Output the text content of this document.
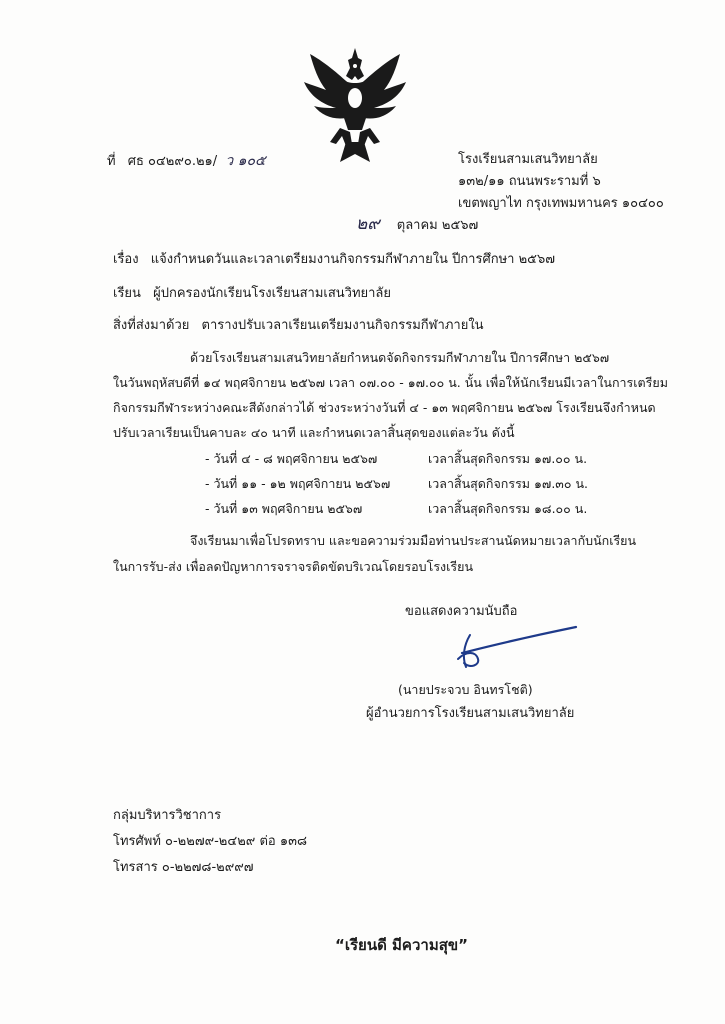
ที่ ศธ ๐๔๒๙๐.๒๑/ ว ๑๐๕	โรงเรียนสามเสนวิทยาลัย
๑๓๒/๑๑ ถนนพระรามที่ ๖
เขตพญาไท กรุงเทพมหานคร ๑๐๔๐๐
๒๙ ตุลาคม ๒๕๖๗
เรื่อง แจ้งกำหนดวันและเวลาเตรียมงานกิจกรรมกีฬาภายใน ปีการศึกษา ๒๕๖๗
เรียน ผู้ปกครองนักเรียนโรงเรียนสามเสนวิทยาลัย
สิ่งที่ส่งมาด้วย ตารางปรับเวลาเรียนเตรียมงานกิจกรรมกีฬาภายใน
ด้วยโรงเรียนสามเสนวิทยาลัยกำหนดจัดกิจกรรมกีฬาภายใน ปีการศึกษา ๒๕๖๗
ในวันพฤหัสบดีที่ ๑๔ พฤศจิกายน ๒๕๖๗ เวลา ๐๗.๐๐ - ๑๗.๐๐ น. นั้น เพื่อให้นักเรียนมีเวลาในการเตรียม
กิจกรรมกีฬาระหว่างคณะสีดังกล่าวได้ ช่วงระหว่างวันที่ ๔ - ๑๓ พฤศจิกายน ๒๕๖๗ โรงเรียนจึงกำหนด
ปรับเวลาเรียนเป็นคาบละ ๔๐ นาที และกำหนดเวลาสิ้นสุดของแต่ละวัน ดังนี้
- วันที่ ๔ - ๘ พฤศจิกายน ๒๕๖๗	เวลาสิ้นสุดกิจกรรม ๑๗.๐๐ น.
- วันที่ ๑๑ - ๑๒ พฤศจิกายน ๒๕๖๗	เวลาสิ้นสุดกิจกรรม ๑๗.๓๐ น.
- วันที่ ๑๓ พฤศจิกายน ๒๕๖๗	เวลาสิ้นสุดกิจกรรม ๑๘.๐๐ น.
จึงเรียนมาเพื่อโปรดทราบ และขอความร่วมมือท่านประสานนัดหมายเวลากับนักเรียน
ในการรับ-ส่ง เพื่อลดปัญหาการจราจรติดขัดบริเวณโดยรอบโรงเรียน
ขอแสดงความนับถือ
(นายประจวบ อินทรโชติ)
ผู้อำนวยการโรงเรียนสามเสนวิทยาลัย
กลุ่มบริหารวิชาการ
โทรศัพท์ ๐-๒๒๗๙-๒๔๒๙ ต่อ ๑๓๘
โทรสาร ๐-๒๒๗๘-๒๙๙๗
“เรียนดี มีความสุข”
